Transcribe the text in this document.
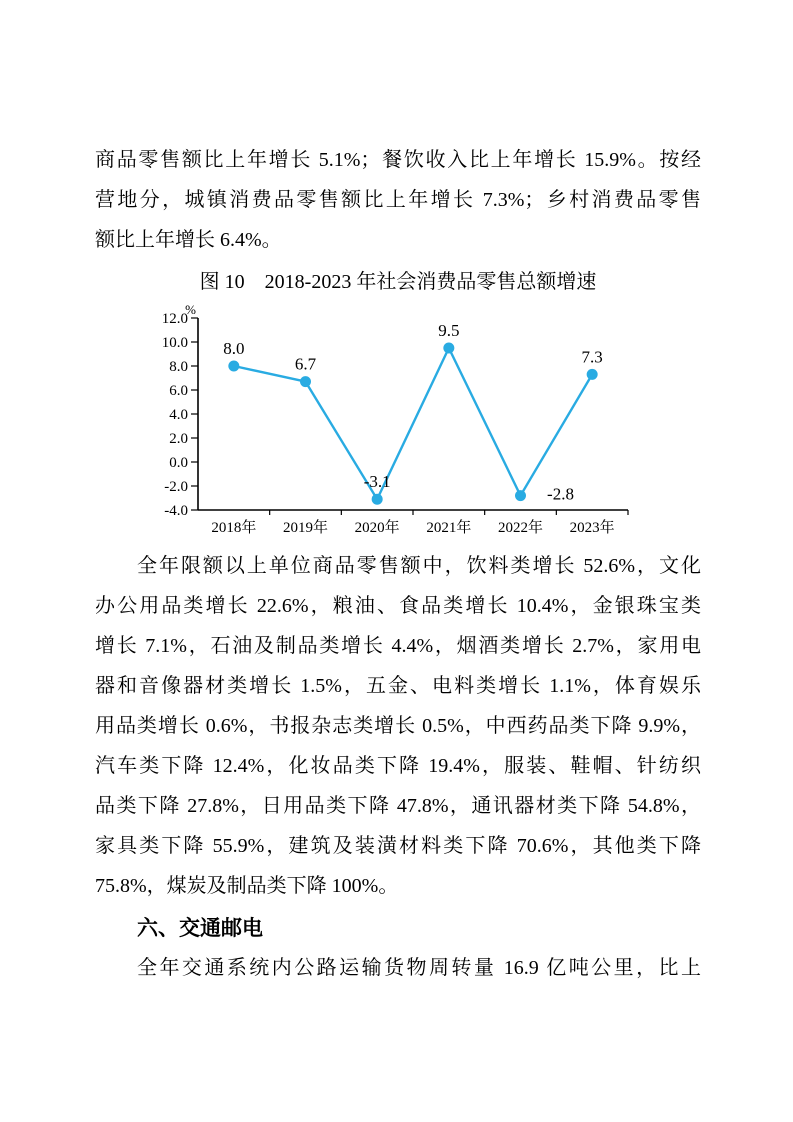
商品零售额比上年增长 5.1%；餐饮收入比上年增长 15.9%。按经
营地分，城镇消费品零售额比上年增长 7.3%；乡村消费品零售
额比上年增长 6.4%。

图 10　2018-2023 年社会消费品零售总额增速
12.0
10.0
8.0
6.0
4.0
2.0
0.0
-2.0
-4.0
2018年 2019年 2020年 2021年 2022年 2023年
%
8.0
6.7
-3.1
9.5
-2.8
7.3

全年限额以上单位商品零售额中，饮料类增长 52.6%，文化
办公用品类增长 22.6%，粮油、食品类增长 10.4%，金银珠宝类
增长 7.1%，石油及制品类增长 4.4%，烟酒类增长 2.7%，家用电
器和音像器材类增长 1.5%，五金、电料类增长 1.1%，体育娱乐
用品类增长 0.6%，书报杂志类增长 0.5%，中西药品类下降 9.9%，
汽车类下降 12.4%，化妆品类下降 19.4%，服装、鞋帽、针纺织
品类下降 27.8%，日用品类下降 47.8%，通讯器材类下降 54.8%，
家具类下降 55.9%，建筑及装潢材料类下降 70.6%，其他类下降
75.8%，煤炭及制品类下降 100%。

六、交通邮电

全年交通系统内公路运输货物周转量 16.9 亿吨公里，比上
